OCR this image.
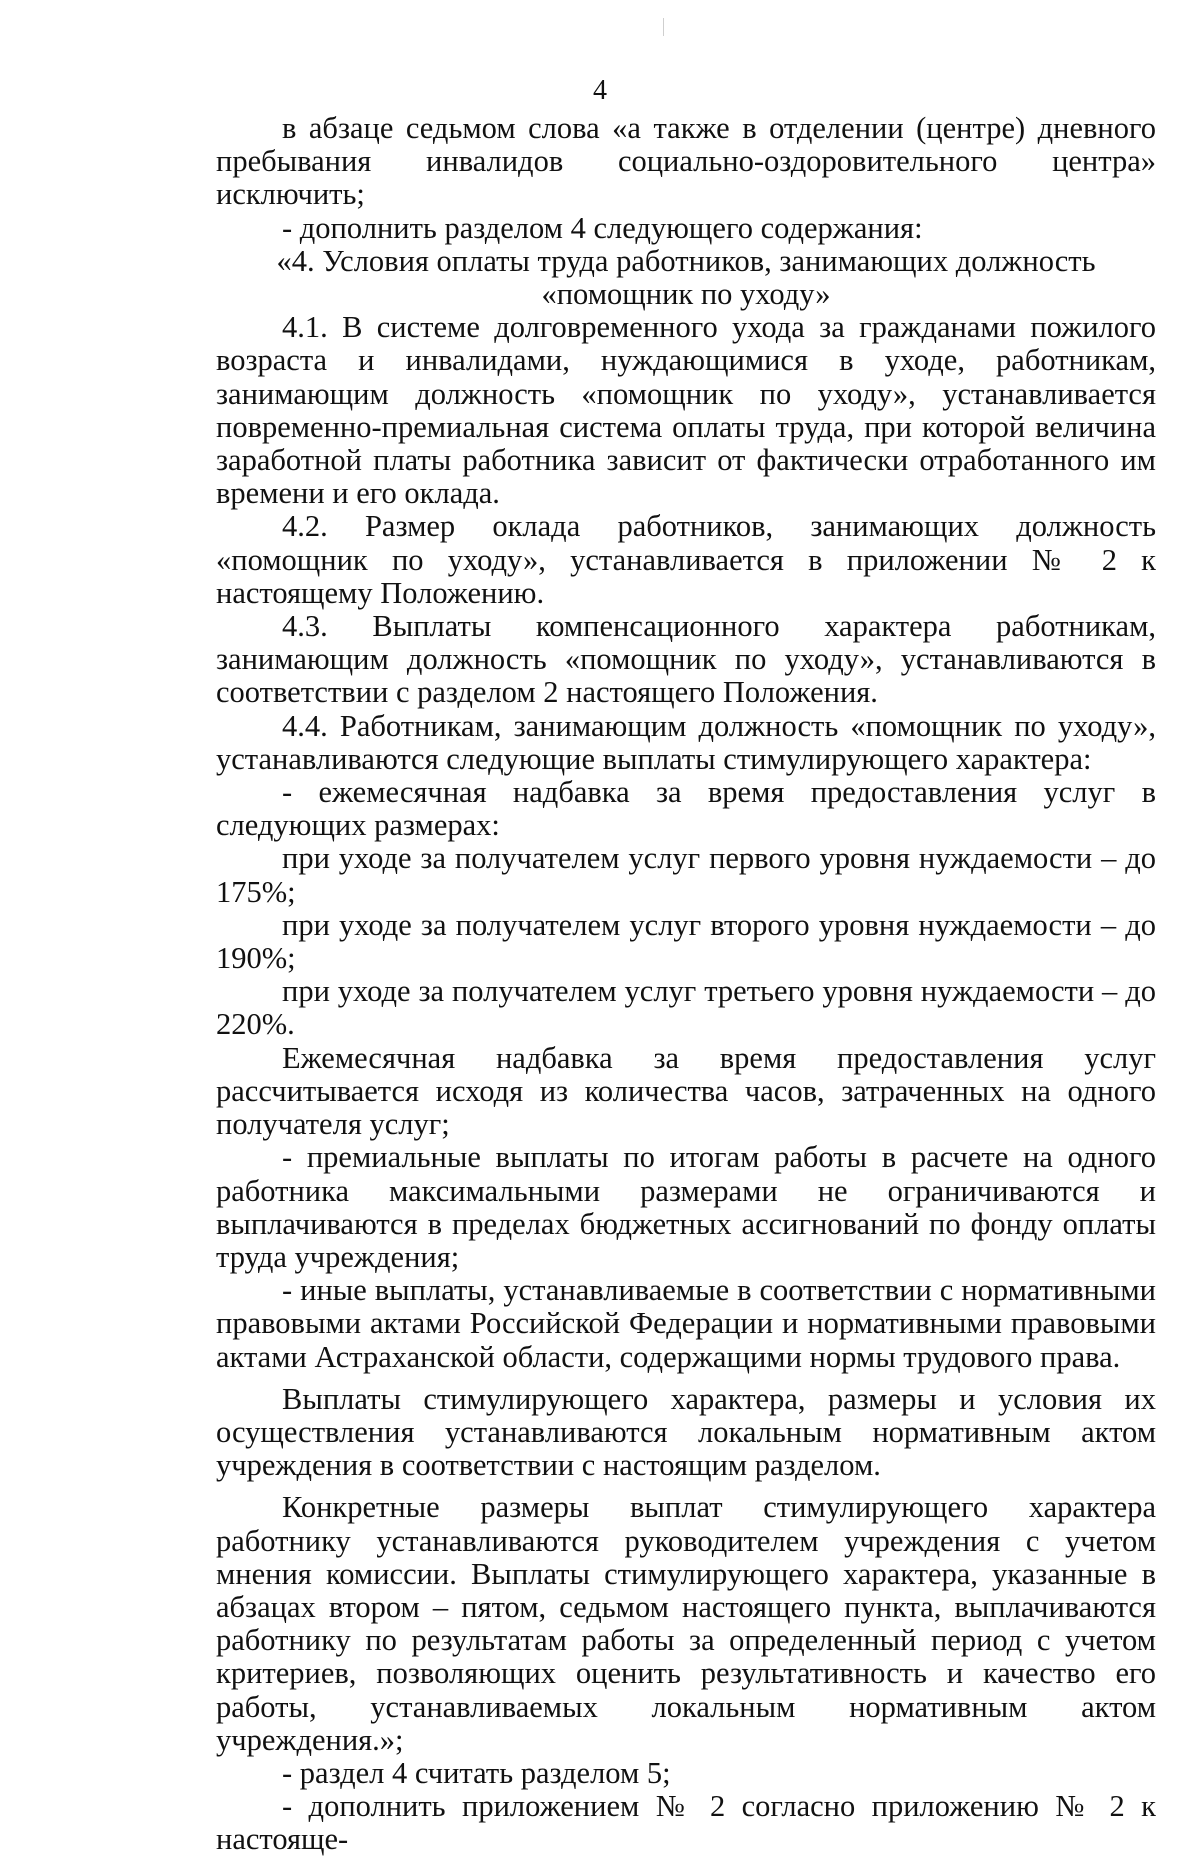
4

в абзаце седьмом слова «а также в отделении (центре) дневного пребывания инвалидов социально-оздоровительного центра» исключить;

- дополнить разделом 4 следующего содержания:

«4. Условия оплаты труда работников, занимающих должность «помощник по уходу»

4.1. В системе долговременного ухода за гражданами пожилого возраста и инвалидами, нуждающимися в уходе, работникам, занимающим должность «помощник по уходу», устанавливается повременно-премиальная система оплаты труда, при которой величина заработной платы работника зависит от фактически отработанного им времени и его оклада.

4.2. Размер оклада работников, занимающих должность «помощник по уходу», устанавливается в приложении № 2 к настоящему Положению.

4.3. Выплаты компенсационного характера работникам, занимающим должность «помощник по уходу», устанавливаются в соответствии с разделом 2 настоящего Положения.

4.4. Работникам, занимающим должность «помощник по уходу», устанавливаются следующие выплаты стимулирующего характера:

- ежемесячная надбавка за время предоставления услуг в следующих размерах:

при уходе за получателем услуг первого уровня нуждаемости – до 175%;

при уходе за получателем услуг второго уровня нуждаемости – до 190%;

при уходе за получателем услуг третьего уровня нуждаемости – до 220%.

Ежемесячная надбавка за время предоставления услуг рассчитывается исходя из количества часов, затраченных на одного получателя услуг;

- премиальные выплаты по итогам работы в расчете на одного работника максимальными размерами не ограничиваются и выплачиваются в пределах бюджетных ассигнований по фонду оплаты труда учреждения;

- иные выплаты, устанавливаемые в соответствии с нормативными правовыми актами Российской Федерации и нормативными правовыми актами Астраханской области, содержащими нормы трудового права.

Выплаты стимулирующего характера, размеры и условия их осуществления устанавливаются локальным нормативным актом учреждения в соответствии с настоящим разделом.

Конкретные размеры выплат стимулирующего характера работнику устанавливаются руководителем учреждения с учетом мнения комиссии. Выплаты стимулирующего характера, указанные в абзацах втором – пятом, седьмом настоящего пункта, выплачиваются работнику по результатам работы за определенный период с учетом критериев, позволяющих оценить результативность и качество его работы, устанавливаемых локальным нормативным актом учреждения.»;

- раздел 4 считать разделом 5;

- дополнить приложением № 2 согласно приложению № 2 к настояще-
